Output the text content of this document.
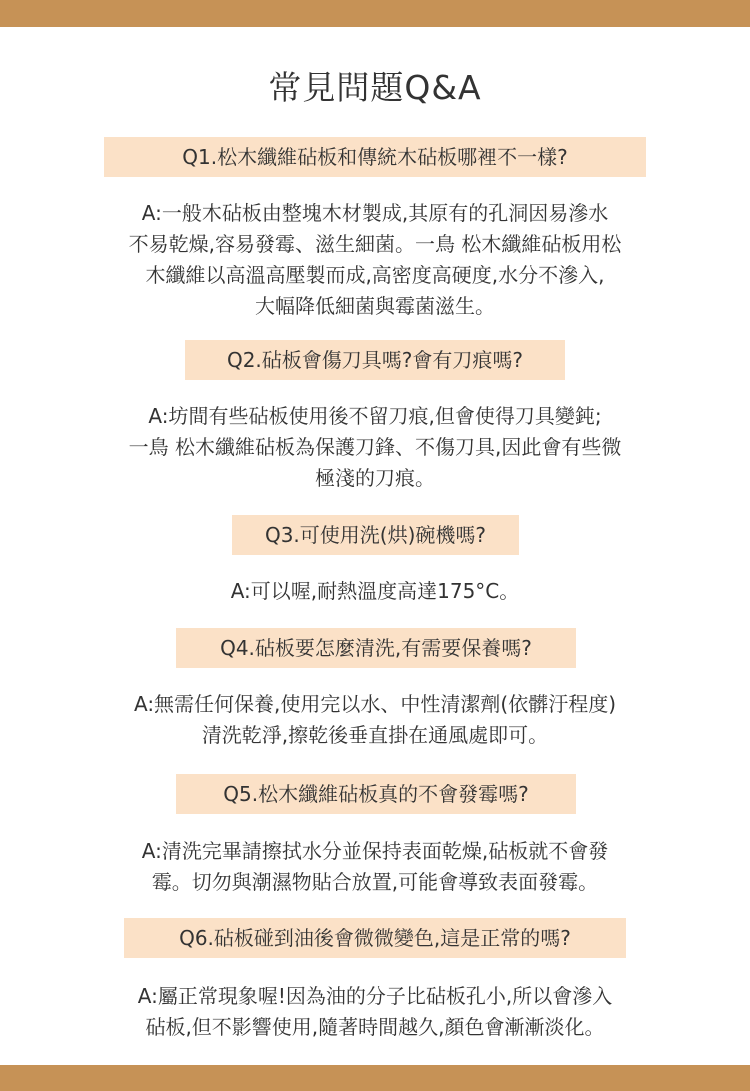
常見問題Q&A
Q1.松木纖維砧板和傳統木砧板哪裡不一樣?
A:一般木砧板由整塊木材製成,其原有的孔洞因易滲水
不易乾燥,容易發霉、滋生細菌。一鳥 松木纖維砧板用松
木纖維以高溫高壓製而成,高密度高硬度,水分不滲入,
大幅降低細菌與霉菌滋生。
Q2.砧板會傷刀具嗎?會有刀痕嗎?
A:坊間有些砧板使用後不留刀痕,但會使得刀具變鈍;
一鳥 松木纖維砧板為保護刀鋒、不傷刀具,因此會有些微
極淺的刀痕。
Q3.可使用洗(烘)碗機嗎?
A:可以喔,耐熱溫度高達175°C。
Q4.砧板要怎麼清洗,有需要保養嗎?
A:無需任何保養,使用完以水、中性清潔劑(依髒汙程度)
清洗乾淨,擦乾後垂直掛在通風處即可。
Q5.松木纖維砧板真的不會發霉嗎?
A:清洗完畢請擦拭水分並保持表面乾燥,砧板就不會發
霉。切勿與潮濕物貼合放置,可能會導致表面發霉。
Q6.砧板碰到油後會微微變色,這是正常的嗎?
A:屬正常現象喔!因為油的分子比砧板孔小,所以會滲入
砧板,但不影響使用,隨著時間越久,顏色會漸漸淡化。
